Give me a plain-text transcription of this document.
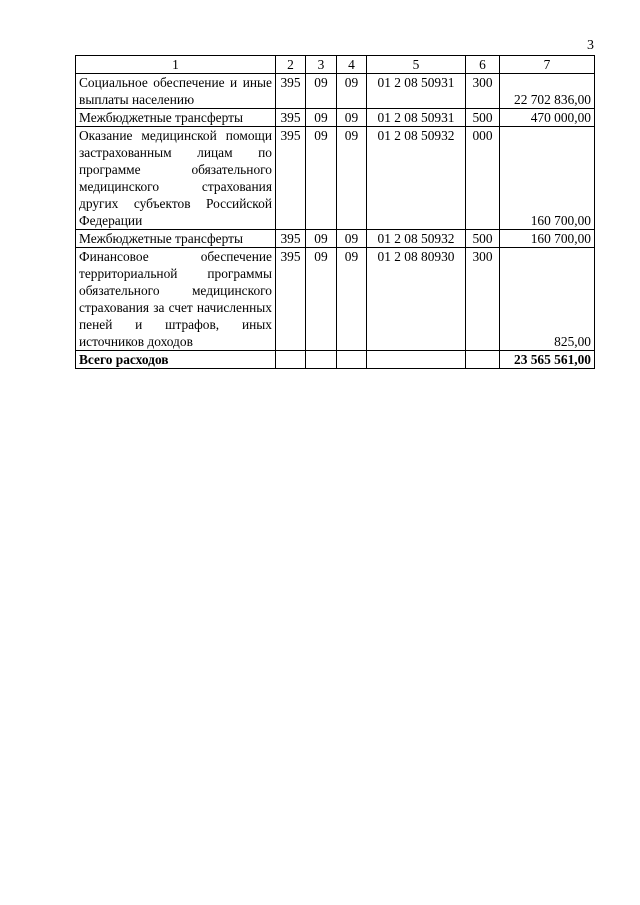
3
1	2	3	4	5	6	7
Социальное обеспечение и иные выплаты населению	395	09	09	01 2 08 50931	300	22 702 836,00
Межбюджетные трансферты	395	09	09	01 2 08 50931	500	470 000,00
Оказание медицинской помощи застрахованным лицам по программе обязательного медицинского страхования других субъектов Российской Федерации	395	09	09	01 2 08 50932	000	160 700,00
Межбюджетные трансферты	395	09	09	01 2 08 50932	500	160 700,00
Финансовое обеспечение территориальной программы обязательного медицинского страхования за счет начисленных пеней и штрафов, иных источников доходов	395	09	09	01 2 08 80930	300	825,00
Всего расходов						23 565 561,00
